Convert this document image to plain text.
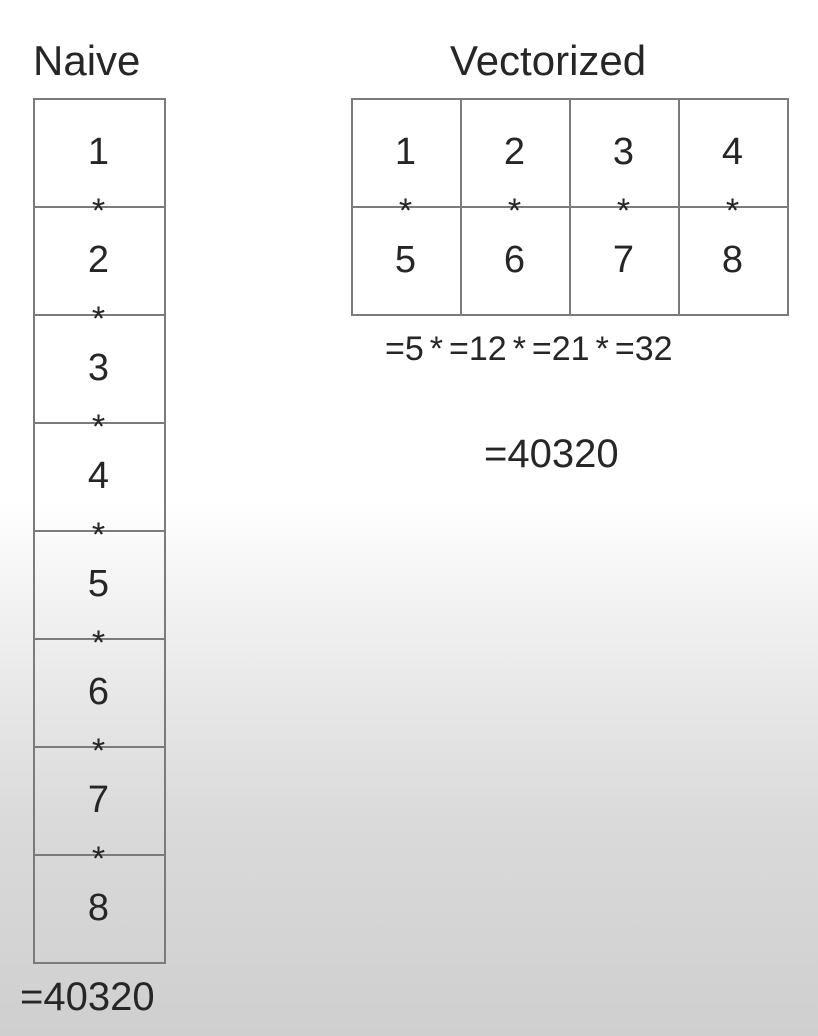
Naive	Vectorized
1
*
2
*
3
*
4
*
5
*
6
*
7
*
8
1
*
5
2
*
6
3
*
7
4
*
8
=5 * =12 * =21 * =32
=40320
=40320
